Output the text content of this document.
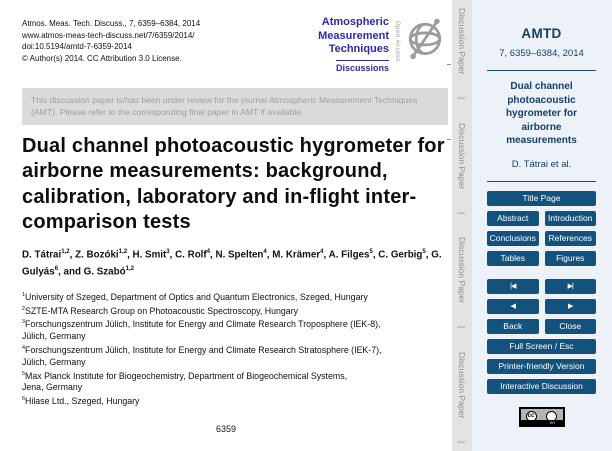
Atmos. Meas. Tech. Discuss., 7, 6359–6384, 2014
www.atmos-meas-tech-discuss.net/7/6359/2014/
doi:10.5194/amtd-7-6359-2014
© Author(s) 2014. CC Attribution 3.0 License.
Atmospheric
Measurement
Techniques
Discussions
Open Access
This discussion paper is/has been under review for the journal Atmospheric Measurement Techniques (AMT). Please refer to the corresponding final paper in AMT if available.
Dual channel photoacoustic hygrometer for airborne measurements: background, calibration, laboratory and in-flight inter-comparison tests

D. Tátrai$^{1,2}$, Z. Bozóki$^{1,2}$, H. Smit$^3$, C. Rolf$^4$, N. Spelten$^4$, M. Krämer$^4$, A. Filges$^5$, C. Gerbig$^5$, G. Gulyás$^6$, and G. Szabó$^{1,2}$

$^1$University of Szeged, Department of Optics and Quantum Electronics, Szeged, Hungary
$^2$SZTE-MTA Research Group on Photoacoustic Spectroscopy, Hungary
$^3$Forschungszentrum Jülich, Institute for Energy and Climate Research Troposphere (IEK-8),
Jülich, Germany
$^4$Forschungszentrum Jülich, Institute for Energy and Climate Research Stratosphere (IEK-7),
Jülich, Germany
$^5$Max Planck Institute for Biogeochemistry, Department of Biogeochemical Systems,
Jena, Germany
$^6$Hilase Ltd., Szeged, Hungary
6359
Discussion Paper
|
Discussion Paper
|
Discussion Paper
|
Discussion Paper
|
AMTD
7, 6359–6384, 2014
Dual channel photoacoustic hygrometer for airborne measurements
D. Tátrai et al.
Title Page
Abstract	Introduction
Conclusions	References
Tables	Figures
|◀	▶|
◀	▶
Back	Close
Full Screen / Esc
Printer-friendly Version
Interactive Discussion
cc
BY
